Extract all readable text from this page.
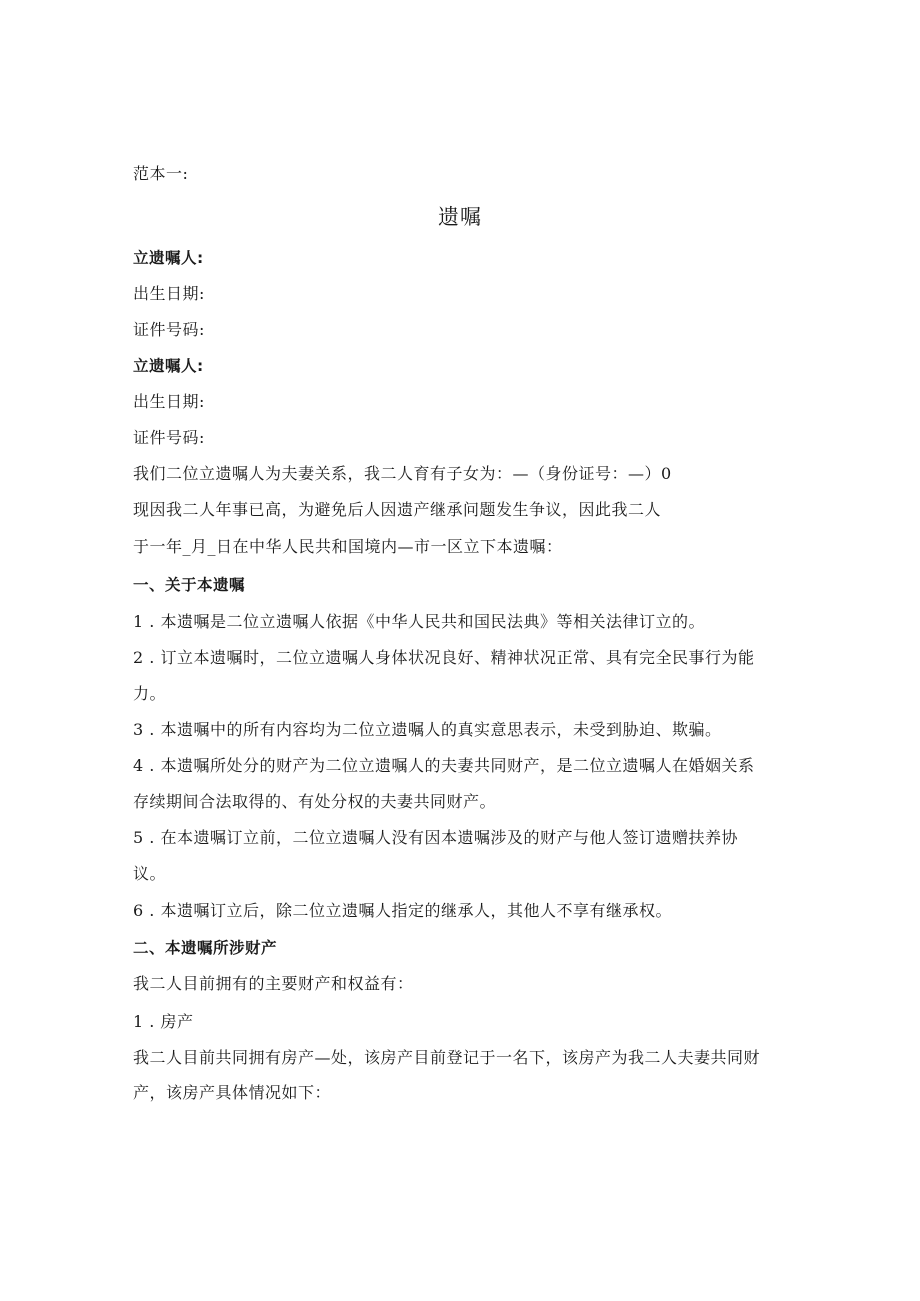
范本一:
遗嘱
立遗嘱人:
出生日期:
证件号码:
立遗嘱人:
出生日期:
证件号码:
我们二位立遗嘱人为夫妻关系，我二人育有子女为：—（身份证号：—）0
现因我二人年事已高，为避免后人因遗产继承问题发生争议，因此我二人
于一年_月_日在中华人民共和国境内—市一区立下本遗嘱：
一、关于本遗嘱
1 . 本遗嘱是二位立遗嘱人依据《中华人民共和国民法典》等相关法律订立的。
2 . 订立本遗嘱时，二位立遗嘱人身体状况良好、精神状况正常、具有完全民事行为能
力。
3 . 本遗嘱中的所有内容均为二位立遗嘱人的真实意思表示，未受到胁迫、欺骗。
4 . 本遗嘱所处分的财产为二位立遗嘱人的夫妻共同财产，是二位立遗嘱人在婚姻关系
存续期间合法取得的、有处分权的夫妻共同财产。
5 . 在本遗嘱订立前，二位立遗嘱人没有因本遗嘱涉及的财产与他人签订遗赠扶养协
议。
6 . 本遗嘱订立后，除二位立遗嘱人指定的继承人，其他人不享有继承权。
二、本遗嘱所涉财产
我二人目前拥有的主要财产和权益有：
1 . 房产
我二人目前共同拥有房产—处，该房产目前登记于一名下，该房产为我二人夫妻共同财
产，该房产具体情况如下：
